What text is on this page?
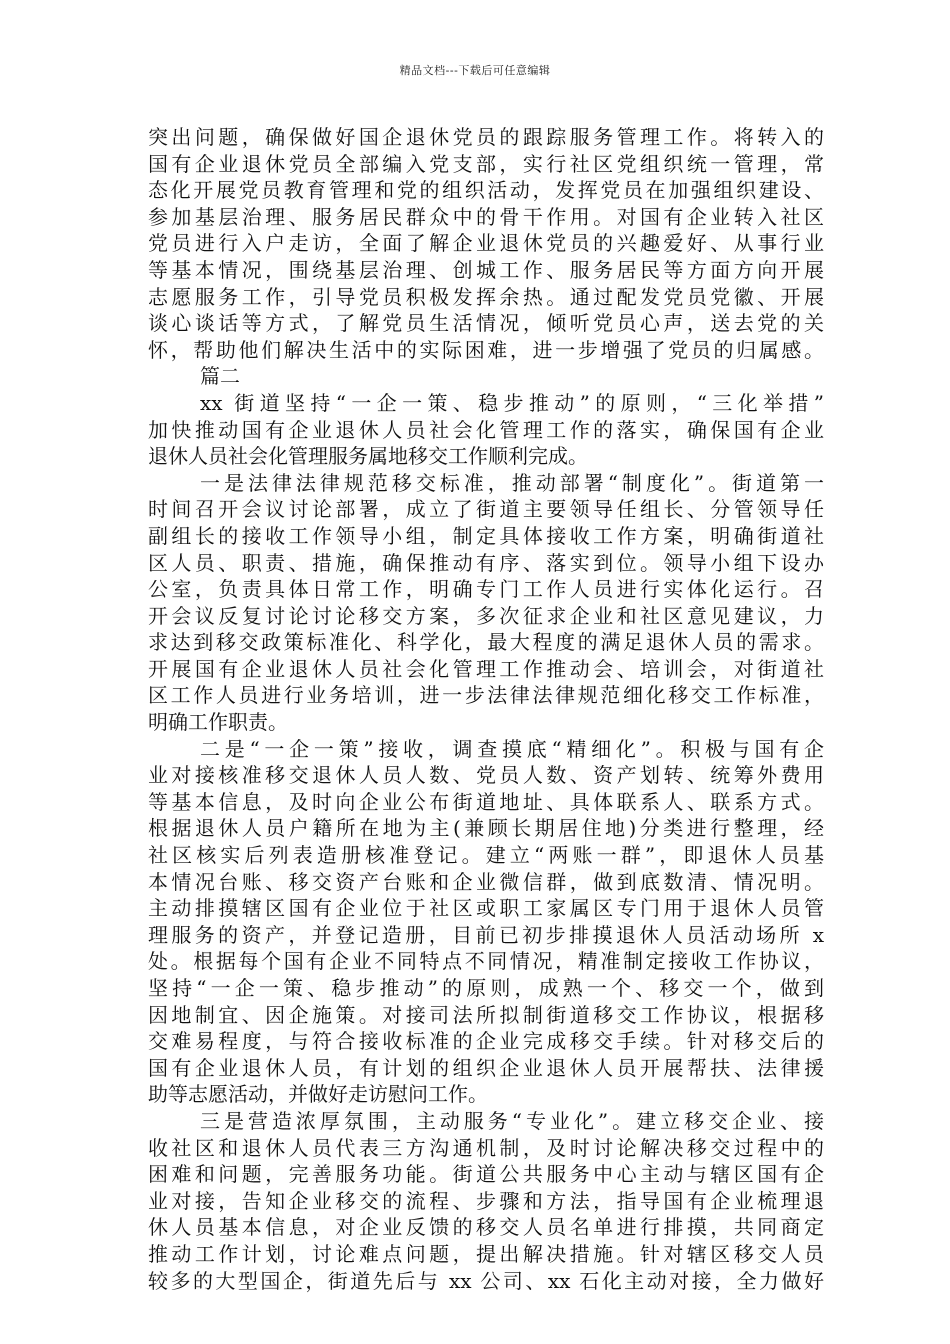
精品文档---下载后可任意编辑
突出问题，确保做好国企退休党员的跟踪服务管理工作。将转入的
国有企业退休党员全部编入党支部，实行社区党组织统一管理，常
态化开展党员教育管理和党的组织活动，发挥党员在加强组织建设、
参加基层治理、服务居民群众中的骨干作用。对国有企业转入社区
党员进行入户走访，全面了解企业退休党员的兴趣爱好、从事行业
等基本情况，围绕基层治理、创城工作、服务居民等方面方向开展
志愿服务工作，引导党员积极发挥余热。通过配发党员党徽、开展
谈心谈话等方式，了解党员生活情况，倾听党员心声，送去党的关
怀，帮助他们解决生活中的实际困难，进一步增强了党员的归属感。
篇二
xx 街道坚持“一企一策、稳步推动”的原则，“三化举措”
加快推动国有企业退休人员社会化管理工作的落实，确保国有企业
退休人员社会化管理服务属地移交工作顺利完成。
一是法律法律规范移交标准，推动部署“制度化”。街道第一
时间召开会议讨论部署，成立了街道主要领导任组长、分管领导任
副组长的接收工作领导小组，制定具体接收工作方案，明确街道社
区人员、职责、措施，确保推动有序、落实到位。领导小组下设办
公室，负责具体日常工作，明确专门工作人员进行实体化运行。召
开会议反复讨论讨论移交方案，多次征求企业和社区意见建议，力
求达到移交政策标准化、科学化，最大程度的满足退休人员的需求。
开展国有企业退休人员社会化管理工作推动会、培训会，对街道社
区工作人员进行业务培训，进一步法律法律规范细化移交工作标准，
明确工作职责。
二是“一企一策”接收，调查摸底“精细化”。积极与国有企
业对接核准移交退休人员人数、党员人数、资产划转、统筹外费用
等基本信息，及时向企业公布街道地址、具体联系人、联系方式。
根据退休人员户籍所在地为主(兼顾长期居住地)分类进行整理，经
社区核实后列表造册核准登记。建立“两账一群”，即退休人员基
本情况台账、移交资产台账和企业微信群，做到底数清、情况明。
主动排摸辖区国有企业位于社区或职工家属区专门用于退休人员管
理服务的资产，并登记造册，目前已初步排摸退休人员活动场所 x
处。根据每个国有企业不同特点不同情况，精准制定接收工作协议，
坚持“一企一策、稳步推动”的原则，成熟一个、移交一个，做到
因地制宜、因企施策。对接司法所拟制街道移交工作协议，根据移
交难易程度，与符合接收标准的企业完成移交手续。针对移交后的
国有企业退休人员，有计划的组织企业退休人员开展帮扶、法律援
助等志愿活动，并做好走访慰问工作。
三是营造浓厚氛围，主动服务“专业化”。建立移交企业、接
收社区和退休人员代表三方沟通机制，及时讨论解决移交过程中的
困难和问题，完善服务功能。街道公共服务中心主动与辖区国有企
业对接，告知企业移交的流程、步骤和方法，指导国有企业梳理退
休人员基本信息，对企业反馈的移交人员名单进行排摸，共同商定
推动工作计划，讨论难点问题，提出解决措施。针对辖区移交人员
较多的大型国企，街道先后与 xx 公司、xx 石化主动对接，全力做好
